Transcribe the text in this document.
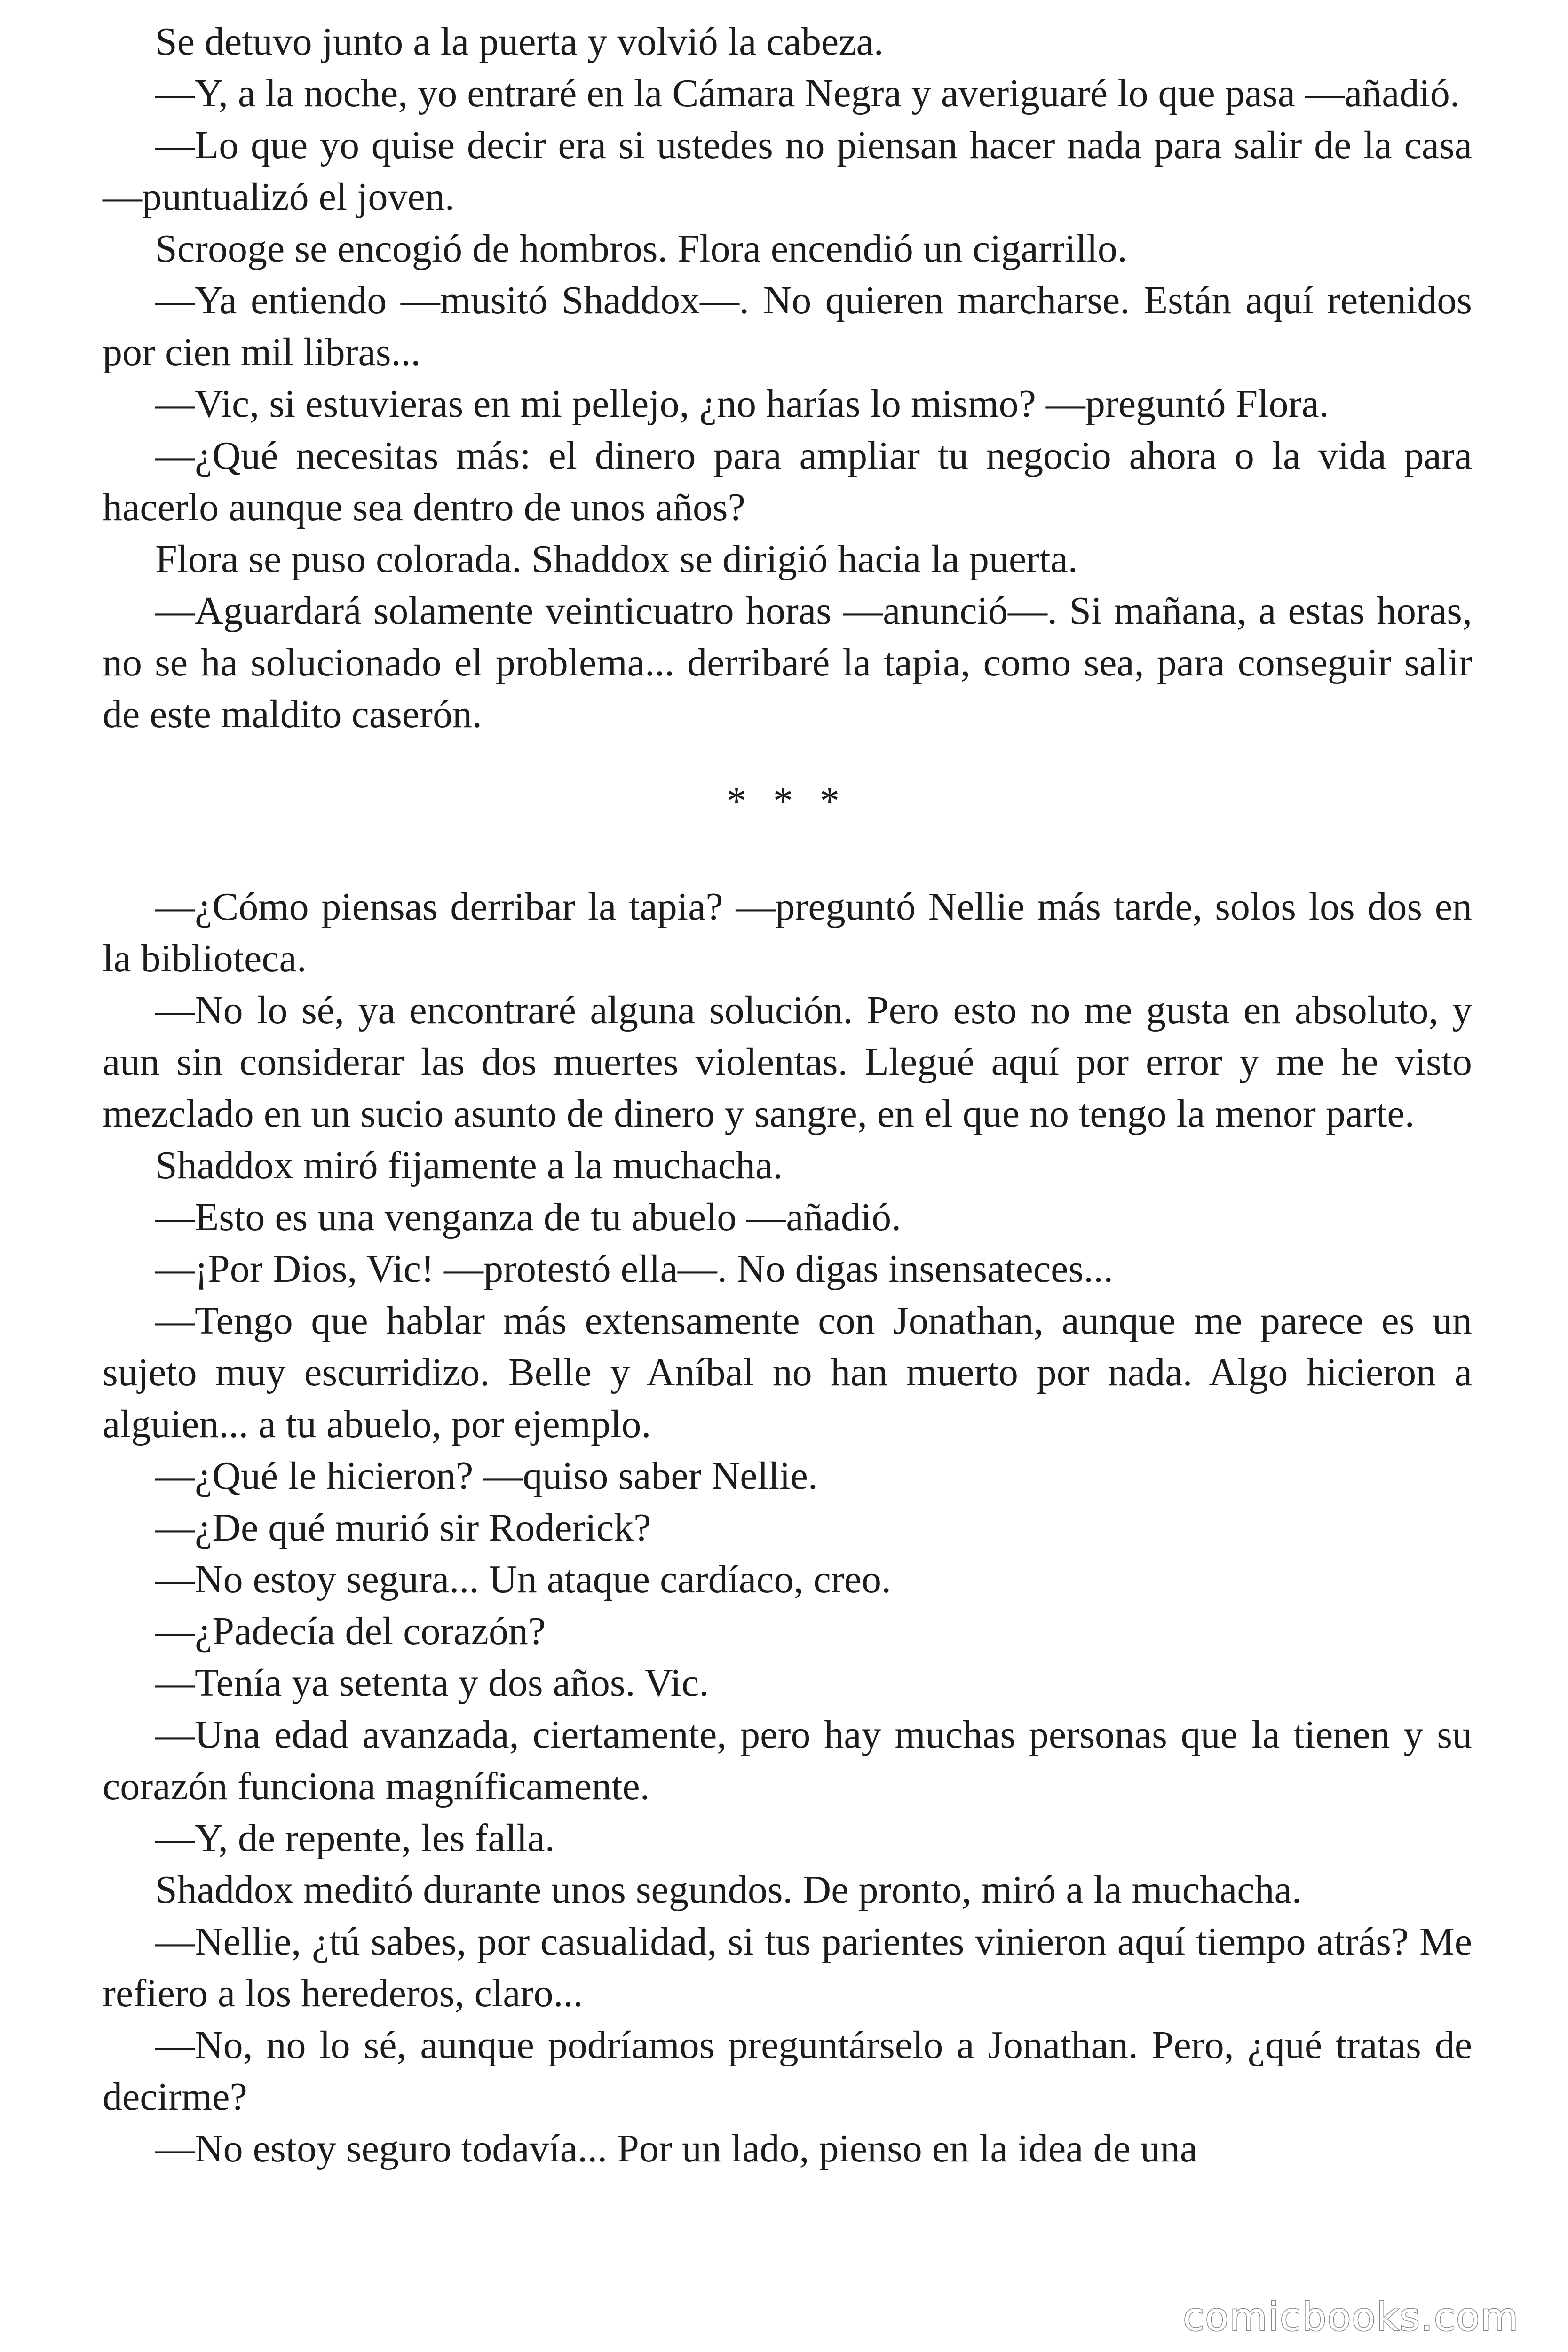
Se detuvo junto a la puerta y volvió la cabeza.

—Y, a la noche, yo entraré en la Cámara Negra y averiguaré lo que pasa —añadió.

—Lo que yo quise decir era si ustedes no piensan hacer nada para salir de la casa —puntualizó el joven.

Scrooge se encogió de hombros. Flora encendió un cigarrillo.

—Ya entiendo —musitó Shaddox—. No quieren marcharse. Están aquí retenidos por cien mil libras...

—Vic, si estuvieras en mi pellejo, ¿no harías lo mismo? —preguntó Flora.

—¿Qué necesitas más: el dinero para ampliar tu negocio ahora o la vida para hacerlo aunque sea dentro de unos años?

Flora se puso colorada. Shaddox se dirigió hacia la puerta.

—Aguardará solamente veinticuatro horas —anunció—. Si mañana, a estas horas, no se ha solucionado el problema... derribaré la tapia, como sea, para conseguir salir de este maldito caserón.

* * *

—¿Cómo piensas derribar la tapia? —preguntó Nellie más tarde, solos los dos en la biblioteca.

—No lo sé, ya encontraré alguna solución. Pero esto no me gusta en absoluto, y aun sin considerar las dos muertes violentas. Llegué aquí por error y me he visto mezclado en un sucio asunto de dinero y sangre, en el que no tengo la menor parte.

Shaddox miró fijamente a la muchacha.

—Esto es una venganza de tu abuelo —añadió.

—¡Por Dios, Vic! —protestó ella—. No digas insensateces...

—Tengo que hablar más extensamente con Jonathan, aunque me parece es un sujeto muy escurridizo. Belle y Aníbal no han muerto por nada. Algo hicieron a alguien... a tu abuelo, por ejemplo.

—¿Qué le hicieron? —quiso saber Nellie.

—¿De qué murió sir Roderick?

—No estoy segura... Un ataque cardíaco, creo.

—¿Padecía del corazón?

—Tenía ya setenta y dos años. Vic.

—Una edad avanzada, ciertamente, pero hay muchas personas que la tienen y su corazón funciona magníficamente.

—Y, de repente, les falla.

Shaddox meditó durante unos segundos. De pronto, miró a la muchacha.

—Nellie, ¿tú sabes, por casualidad, si tus parientes vinieron aquí tiempo atrás? Me refiero a los herederos, claro...

—No, no lo sé, aunque podríamos preguntárselo a Jonathan. Pero, ¿qué tratas de decirme?

—No estoy seguro todavía... Por un lado, pienso en la idea de una

comicbooks.com
